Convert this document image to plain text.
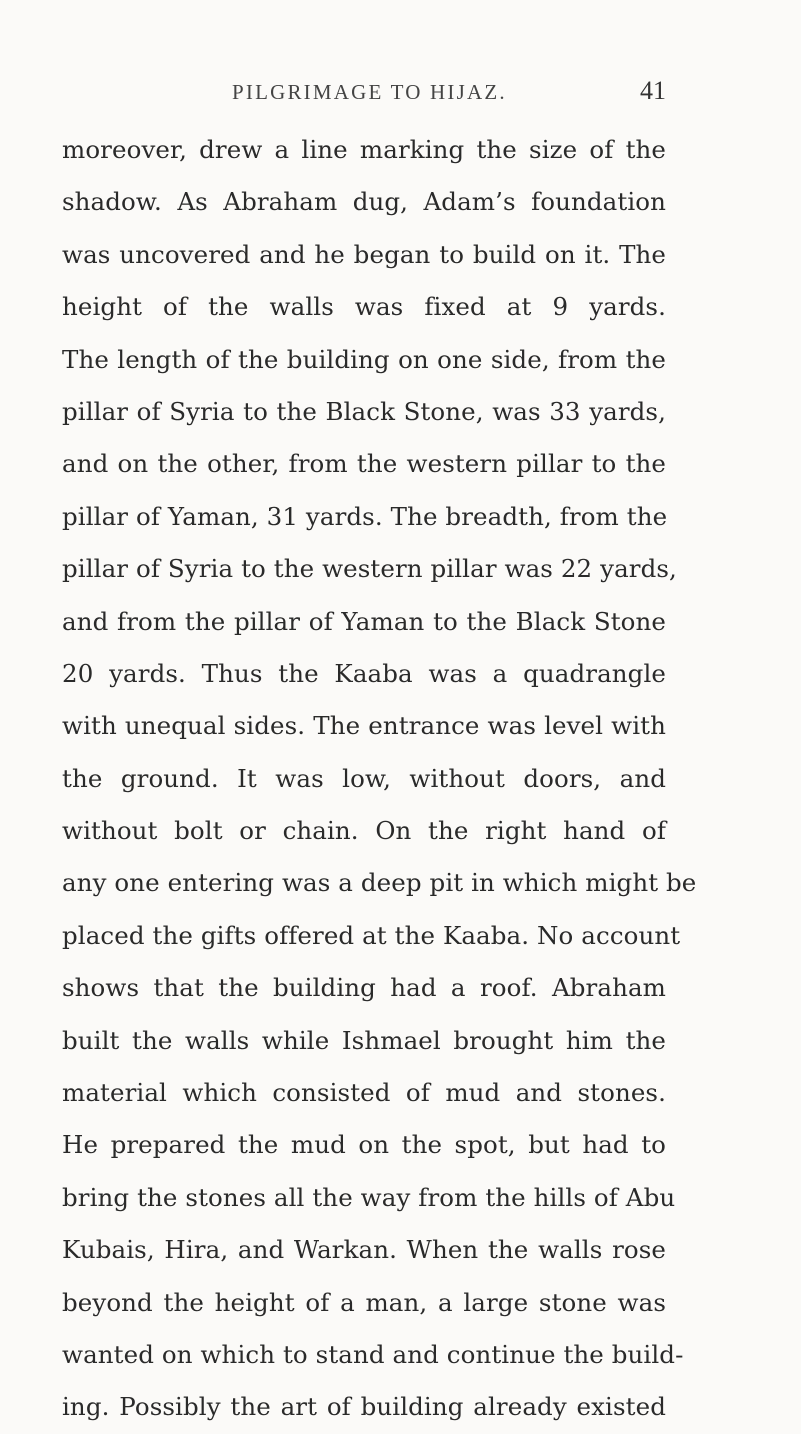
PILGRIMAGE TO HIJAZ.	41
moreover, drew a line marking the size of the
shadow. As Abraham dug, Adam’s foundation
was uncovered and he began to build on it. The
height of the walls was fixed at 9 yards.
The length of the building on one side, from the
pillar of Syria to the Black Stone, was 33 yards,
and on the other, from the western pillar to the
pillar of Yaman, 31 yards. The breadth, from the
pillar of Syria to the western pillar was 22 yards,
and from the pillar of Yaman to the Black Stone
20 yards. Thus the Kaaba was a quadrangle
with unequal sides. The entrance was level with
the ground. It was low, without doors, and
without bolt or chain. On the right hand of
any one entering was a deep pit in which might be
placed the gifts offered at the Kaaba. No account
shows that the building had a roof. Abraham
built the walls while Ishmael brought him the
material which consisted of mud and stones.
He prepared the mud on the spot, but had to
bring the stones all the way from the hills of Abu
Kubais, Hira, and Warkan. When the walls rose
beyond the height of a man, a large stone was
wanted on which to stand and continue the build-
ing. Possibly the art of building already existed
